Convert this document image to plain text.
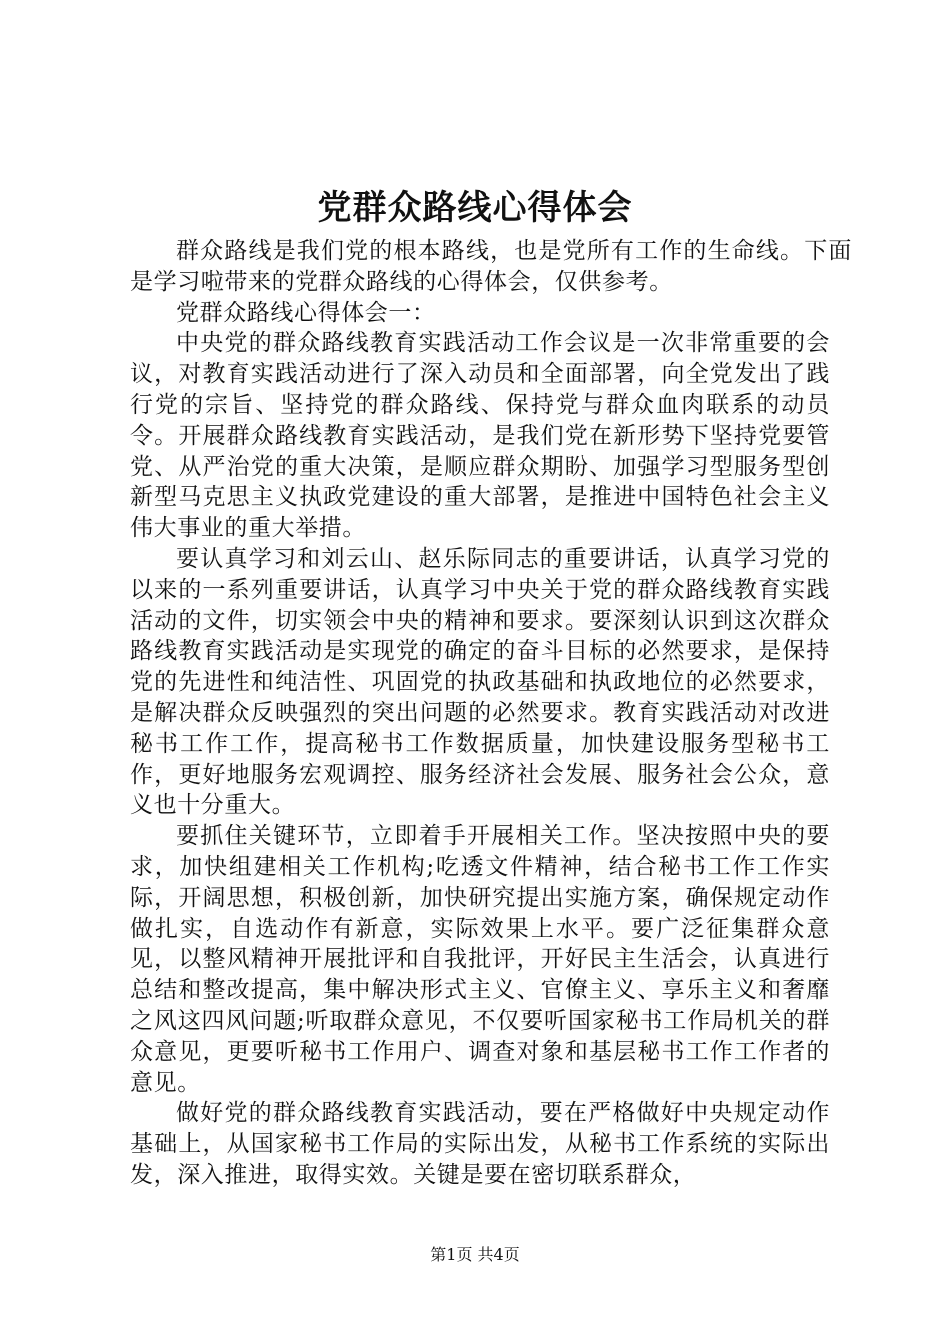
党群众路线心得体会

群众路线是我们党的根本路线，也是党所有工作的生命线。下面是学习啦带来的党群众路线的心得体会，仅供参考。

党群众路线心得体会一：

中央党的群众路线教育实践活动工作会议是一次非常重要的会议，对教育实践活动进行了深入动员和全面部署，向全党发出了践行党的宗旨、坚持党的群众路线、保持党与群众血肉联系的动员令。开展群众路线教育实践活动，是我们党在新形势下坚持党要管党、从严治党的重大决策，是顺应群众期盼、加强学习型服务型创新型马克思主义执政党建设的重大部署，是推进中国特色社会主义伟大事业的重大举措。

要认真学习和刘云山、赵乐际同志的重要讲话，认真学习党的以来的一系列重要讲话，认真学习中央关于党的群众路线教育实践活动的文件，切实领会中央的精神和要求。要深刻认识到这次群众路线教育实践活动是实现党的确定的奋斗目标的必然要求，是保持党的先进性和纯洁性、巩固党的执政基础和执政地位的必然要求，是解决群众反映强烈的突出问题的必然要求。教育实践活动对改进秘书工作工作，提高秘书工作数据质量，加快建设服务型秘书工作，更好地服务宏观调控、服务经济社会发展、服务社会公众，意义也十分重大。

要抓住关键环节，立即着手开展相关工作。坚决按照中央的要求，加快组建相关工作机构;吃透文件精神，结合秘书工作工作实际，开阔思想，积极创新，加快研究提出实施方案，确保规定动作做扎实，自选动作有新意，实际效果上水平。要广泛征集群众意见，以整风精神开展批评和自我批评，开好民主生活会，认真进行总结和整改提高，集中解决形式主义、官僚主义、享乐主义和奢靡之风这四风问题;听取群众意见，不仅要听国家秘书工作局机关的群众意见，更要听秘书工作用户、调查对象和基层秘书工作工作者的意见。

做好党的群众路线教育实践活动，要在严格做好中央规定动作基础上，从国家秘书工作局的实际出发，从秘书工作系统的实际出发，深入推进，取得实效。关键是要在密切联系群众，

第1页 共4页
